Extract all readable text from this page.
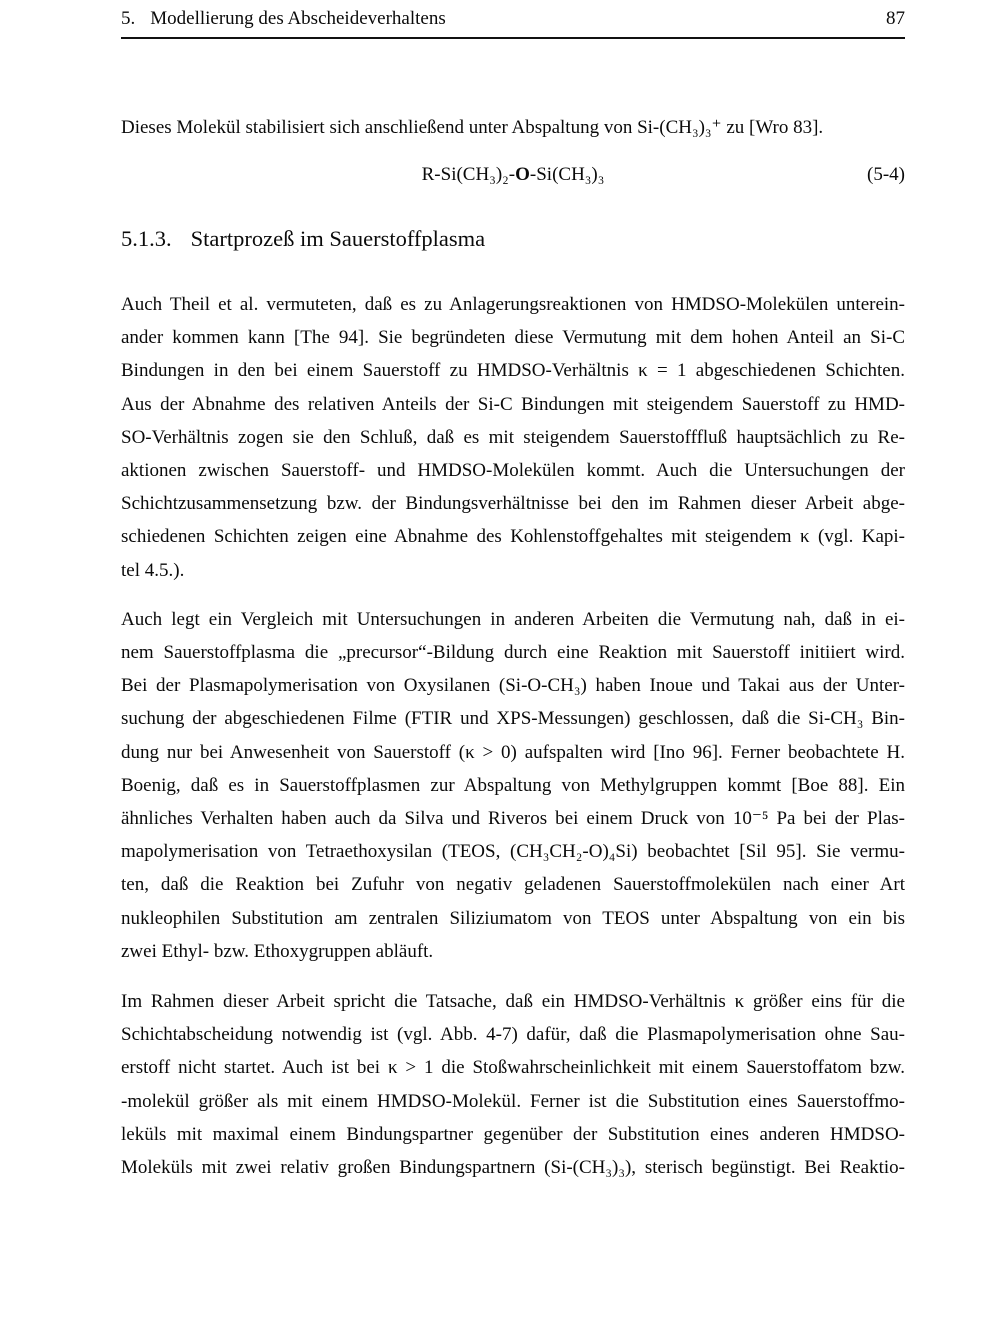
5. Modellierung des Abscheideverhaltens	87

Dieses Molekül stabilisiert sich anschließend unter Abspaltung von Si-(CH₃)₃⁺ zu [Wro 83].

R-Si(CH₃)₂-O-Si(CH₃)₃	(5-4)
5.1.3. Startprozeß im Sauerstoffplasma
Auch Theil et al. vermuteten, daß es zu Anlagerungsreaktionen von HMDSO-Molekülen unterein-
ander kommen kann [The 94]. Sie begründeten diese Vermutung mit dem hohen Anteil an Si-C
Bindungen in den bei einem Sauerstoff zu HMDSO-Verhältnis κ = 1 abgeschiedenen Schichten.
Aus der Abnahme des relativen Anteils der Si-C Bindungen mit steigendem Sauerstoff zu HMD-
SO-Verhältnis zogen sie den Schluß, daß es mit steigendem Sauerstofffluß hauptsächlich zu Re-
aktionen zwischen Sauerstoff- und HMDSO-Molekülen kommt. Auch die Untersuchungen der
Schichtzusammensetzung bzw. der Bindungsverhältnisse bei den im Rahmen dieser Arbeit abge-
schiedenen Schichten zeigen eine Abnahme des Kohlenstoffgehaltes mit steigendem κ (vgl. Kapi-
tel 4.5.).
Auch legt ein Vergleich mit Untersuchungen in anderen Arbeiten die Vermutung nah, daß in ei-
nem Sauerstoffplasma die „precursor“-Bildung durch eine Reaktion mit Sauerstoff initiiert wird.
Bei der Plasmapolymerisation von Oxysilanen (Si-O-CH₃) haben Inoue und Takai aus der Unter-
suchung der abgeschiedenen Filme (FTIR und XPS-Messungen) geschlossen, daß die Si-CH₃ Bin-
dung nur bei Anwesenheit von Sauerstoff (κ > 0) aufspalten wird [Ino 96]. Ferner beobachtete H.
Boenig, daß es in Sauerstoffplasmen zur Abspaltung von Methylgruppen kommt [Boe 88]. Ein
ähnliches Verhalten haben auch da Silva und Riveros bei einem Druck von 10⁻⁵ Pa bei der Plas-
mapolymerisation von Tetraethoxysilan (TEOS, (CH₃CH₂-O)₄Si) beobachtet [Sil 95]. Sie vermu-
ten, daß die Reaktion bei Zufuhr von negativ geladenen Sauerstoffmolekülen nach einer Art
nukleophilen Substitution am zentralen Siliziumatom von TEOS unter Abspaltung von ein bis
zwei Ethyl- bzw. Ethoxygruppen abläuft.
Im Rahmen dieser Arbeit spricht die Tatsache, daß ein HMDSO-Verhältnis κ größer eins für die
Schichtabscheidung notwendig ist (vgl. Abb. 4-7) dafür, daß die Plasmapolymerisation ohne Sau-
erstoff nicht startet. Auch ist bei κ > 1 die Stoßwahrscheinlichkeit mit einem Sauerstoffatom bzw.
-molekül größer als mit einem HMDSO-Molekül. Ferner ist die Substitution eines Sauerstoffmo-
leküls mit maximal einem Bindungspartner gegenüber der Substitution eines anderen HMDSO-
Moleküls mit zwei relativ großen Bindungspartnern (Si-(CH₃)₃), sterisch begünstigt. Bei Reaktio-
